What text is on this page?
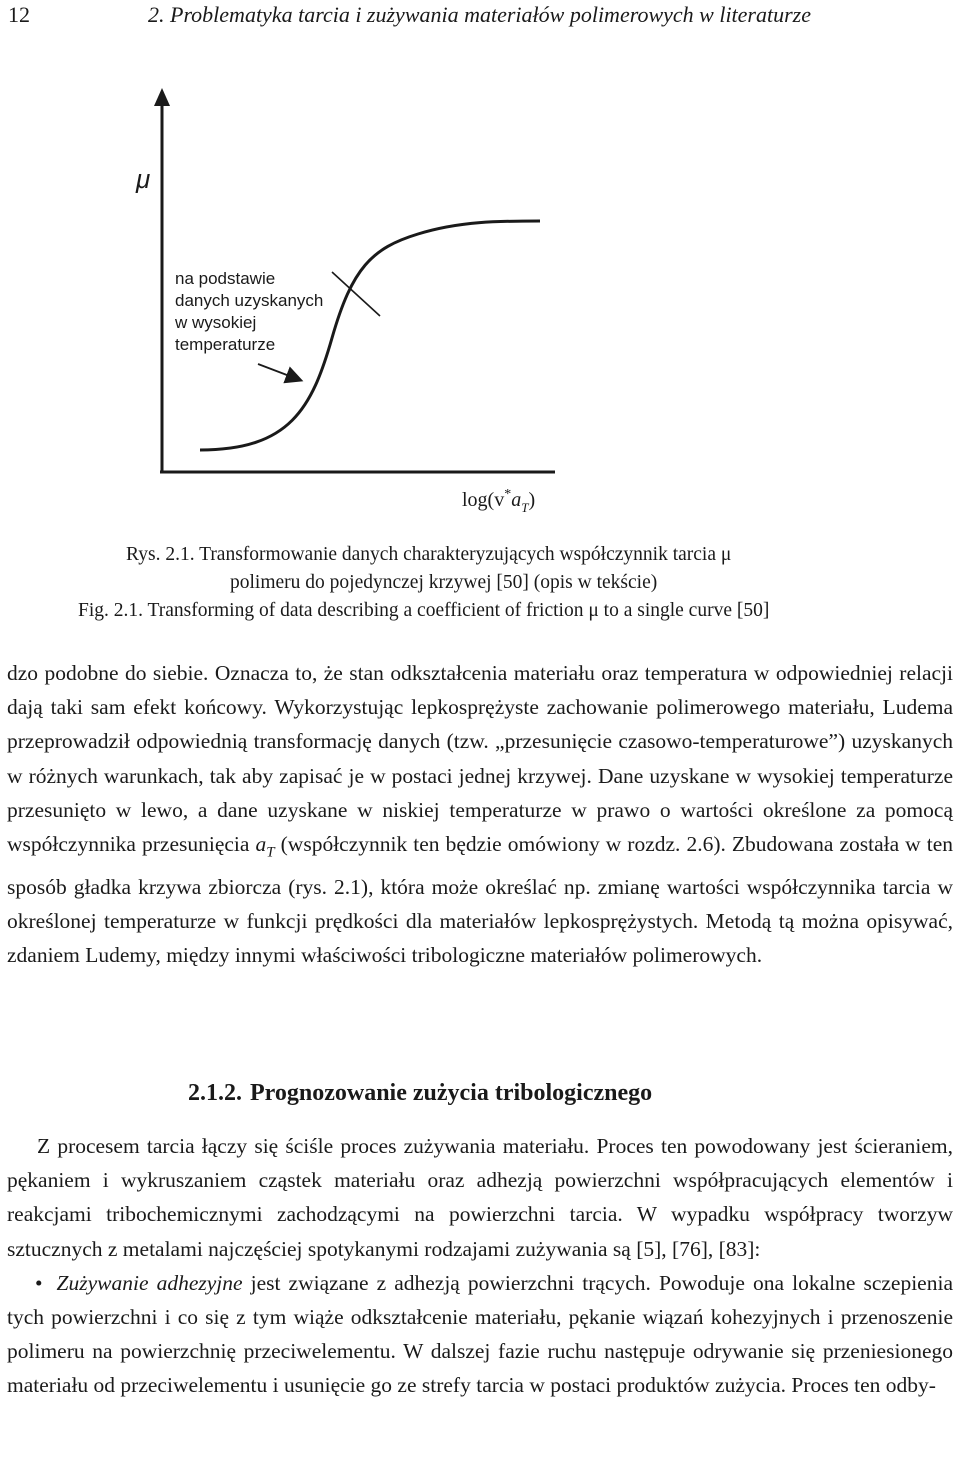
12	2. Problematyka tarcia i zużywania materiałów polimerowych w literaturze
μ
$\log(v^*a_T)$
na podstawie
danych uzyskanych
w wysokiej
temperaturze
Rys. 2.1. Transformowanie danych charakteryzujących współczynnik tarcia μ
polimeru do pojedynczej krzywej [50] (opis w tekście)
Fig. 2.1. Transforming of data describing a coefficient of friction μ to a single curve [50]

dzo podobne do siebie. Oznacza to, że stan odkształcenia materiału oraz temperatura w odpowiedniej relacji dają taki sam efekt końcowy. Wykorzystując lepkosprężyste zachowanie polimerowego materiału, Ludema przeprowadził odpowiednią transformację danych (tzw. „przesunięcie czasowo-temperaturowe”) uzyskanych w różnych warunkach, tak aby zapisać je w postaci jednej krzywej. Dane uzyskane w wysokiej temperaturze przesunięto w lewo, a dane uzyskane w niskiej temperaturze w prawo o wartości określone za pomocą współczynnika przesunięcia $a_T$ (współczynnik ten będzie omówiony w rozdz. 2.6). Zbudowana została w ten sposób gładka krzywa zbiorcza (rys. 2.1), która może określać np. zmianę wartości współczynnika tarcia w określonej temperaturze w funkcji prędkości dla materiałów lepkosprężystych. Metodą tą można opisywać, zdaniem Ludemy, między innymi właściwości tribologiczne materiałów polimerowych.

2.1.2. Prognozowanie zużycia tribologicznego

Z procesem tarcia łączy się ściśle proces zużywania materiału. Proces ten powodowany jest ścieraniem, pękaniem i wykruszaniem cząstek materiału oraz adhezją powierzchni współpracujących elementów i reakcjami tribochemicznymi zachodzącymi na powierzchni tarcia. W wypadku współpracy tworzyw sztucznych z metalami najczęściej spotykanymi rodzajami zużywania są [5], [76], [83]:

• Zużywanie adhezyjne jest związane z adhezją powierzchni trących. Powoduje ona lokalne sczepienia tych powierzchni i co się z tym wiąże odkształcenie materiału, pękanie wiązań kohezyjnych i przenoszenie polimeru na powierzchnię przeciwelementu. W dalszej fazie ruchu następuje odrywanie się przeniesionego materiału od przeciwelementu i usunięcie go ze strefy tarcia w postaci produktów zużycia. Proces ten odby-
